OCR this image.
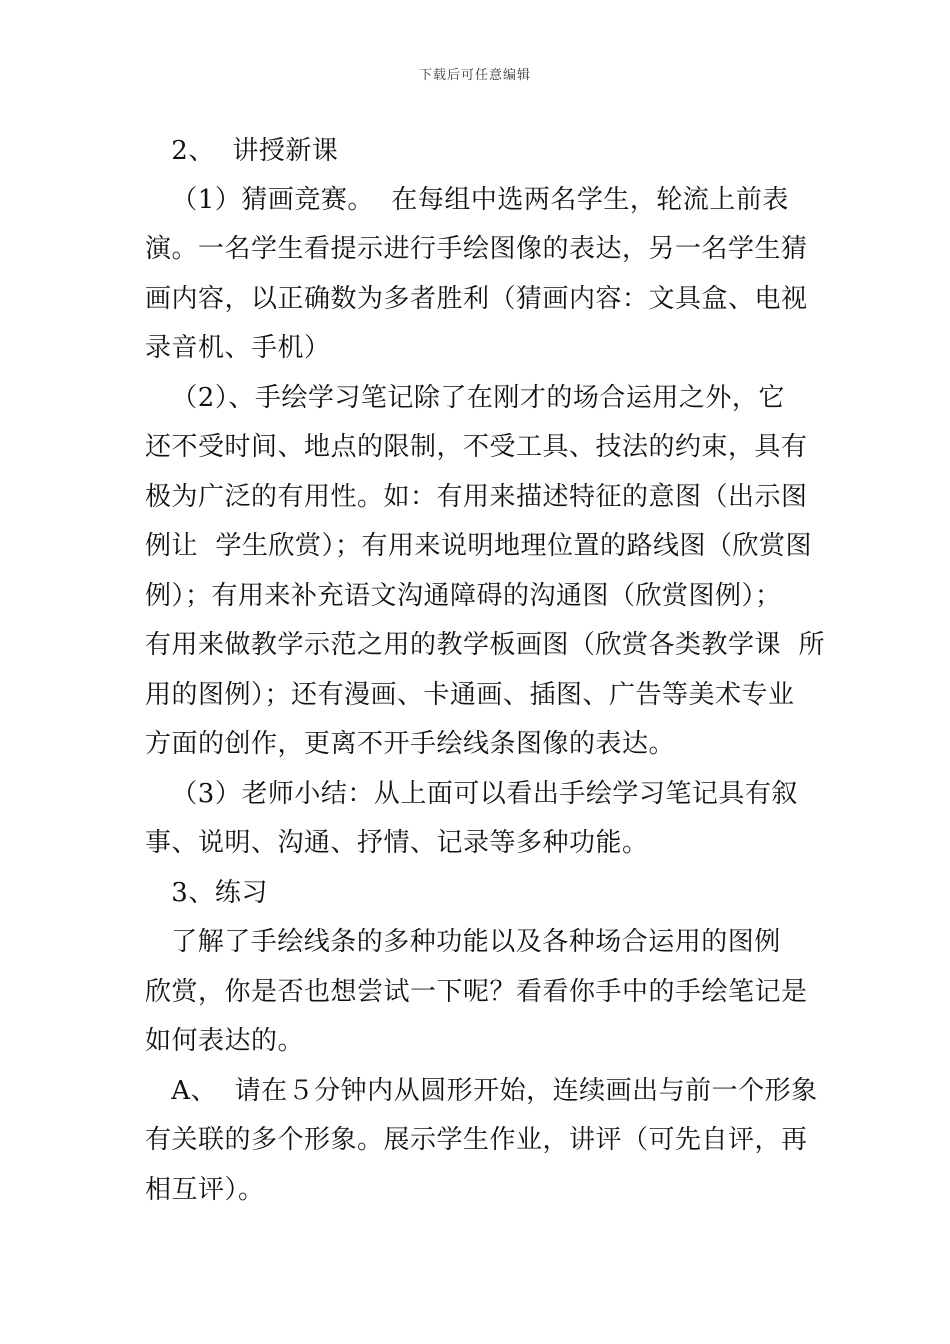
下载后可任意编辑
2、  讲授新课
（1）猜画竞赛。  在每组中选两名学生，轮流上前表
演。一名学生看提示进行手绘图像的表达，另一名学生猜
画内容，以正确数为多者胜利（猜画内容：文具盒、电视
录音机、手机）
（2）、手绘学习笔记除了在刚才的场合运用之外，它
还不受时间、地点的限制，不受工具、技法的约束，具有
极为广泛的有用性。如：有用来描述特征的意图（出示图
例让  学生欣赏）；有用来说明地理位置的路线图（欣赏图
例）；有用来补充语文沟通障碍的沟通图（欣赏图例）；
有用来做教学示范之用的教学板画图（欣赏各类教学课  所
用的图例）；还有漫画、卡通画、插图、广告等美术专业
方面的创作，更离不开手绘线条图像的表达。
（3）老师小结：从上面可以看出手绘学习笔记具有叙
事、说明、沟通、抒情、记录等多种功能。
3、练习
了解了手绘线条的多种功能以及各种场合运用的图例
欣赏，你是否也想尝试一下呢？看看你手中的手绘笔记是
如何表达的。
A、  请在５分钟内从圆形开始，连续画出与前一个形象
有关联的多个形象。展示学生作业，讲评（可先自评，再
相互评）。
